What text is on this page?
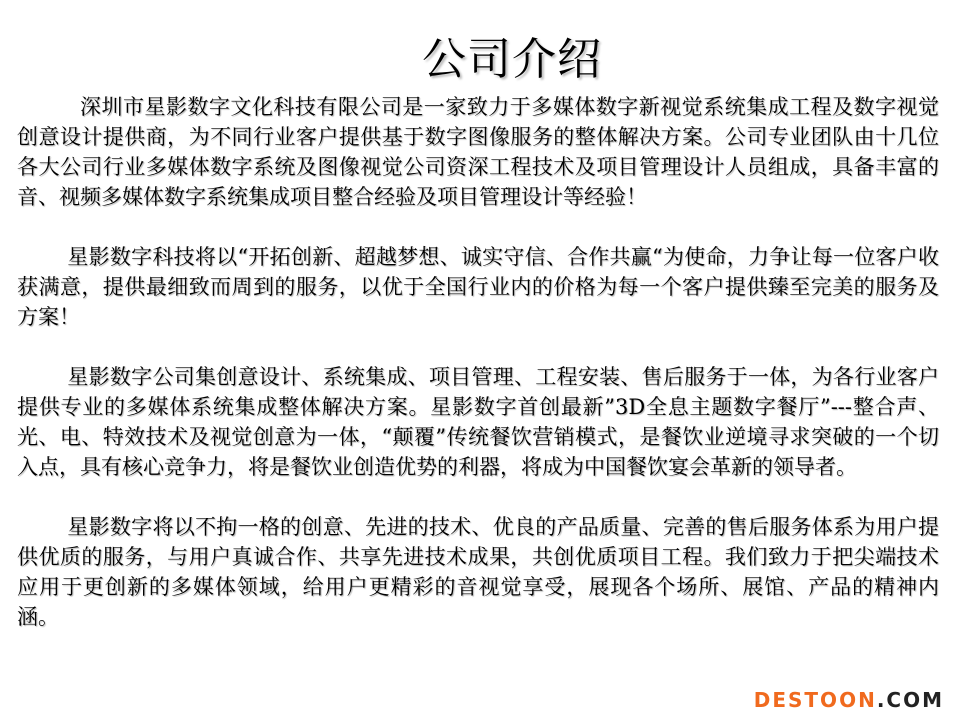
公司介绍

深圳市星影数字文化科技有限公司是一家致力于多媒体数字新视觉系统集成工程及数字视觉创意设计提供商，为不同行业客户提供基于数字图像服务的整体解决方案。公司专业团队由十几位各大公司行业多媒体数字系统及图像视觉公司资深工程技术及项目管理设计人员组成，具备丰富的音、视频多媒体数字系统集成项目整合经验及项目管理设计等经验！

星影数字科技将以“开拓创新、超越梦想、诚实守信、合作共赢“为使命，力争让每一位客户收获满意，提供最细致而周到的服务，以优于全国行业内的价格为每一个客户提供臻至完美的服务及方案！

星影数字公司集创意设计、系统集成、项目管理、工程安装、售后服务于一体，为各行业客户提供专业的多媒体系统集成整体解决方案。星影数字首创最新”3D全息主题数字餐厅”---整合声、光、电、特效技术及视觉创意为一体，“颠覆”传统餐饮营销模式，是餐饮业逆境寻求突破的一个切入点，具有核心竞争力，将是餐饮业创造优势的利器，将成为中国餐饮宴会革新的领导者。

星影数字将以不拘一格的创意、先进的技术、优良的产品质量、完善的售后服务体系为用户提供优质的服务，与用户真诚合作、共享先进技术成果，共创优质项目工程。我们致力于把尖端技术应用于更创新的多媒体领域，给用户更精彩的音视觉享受，展现各个场所、展馆、产品的精神内涵。

DESTOON.COM
